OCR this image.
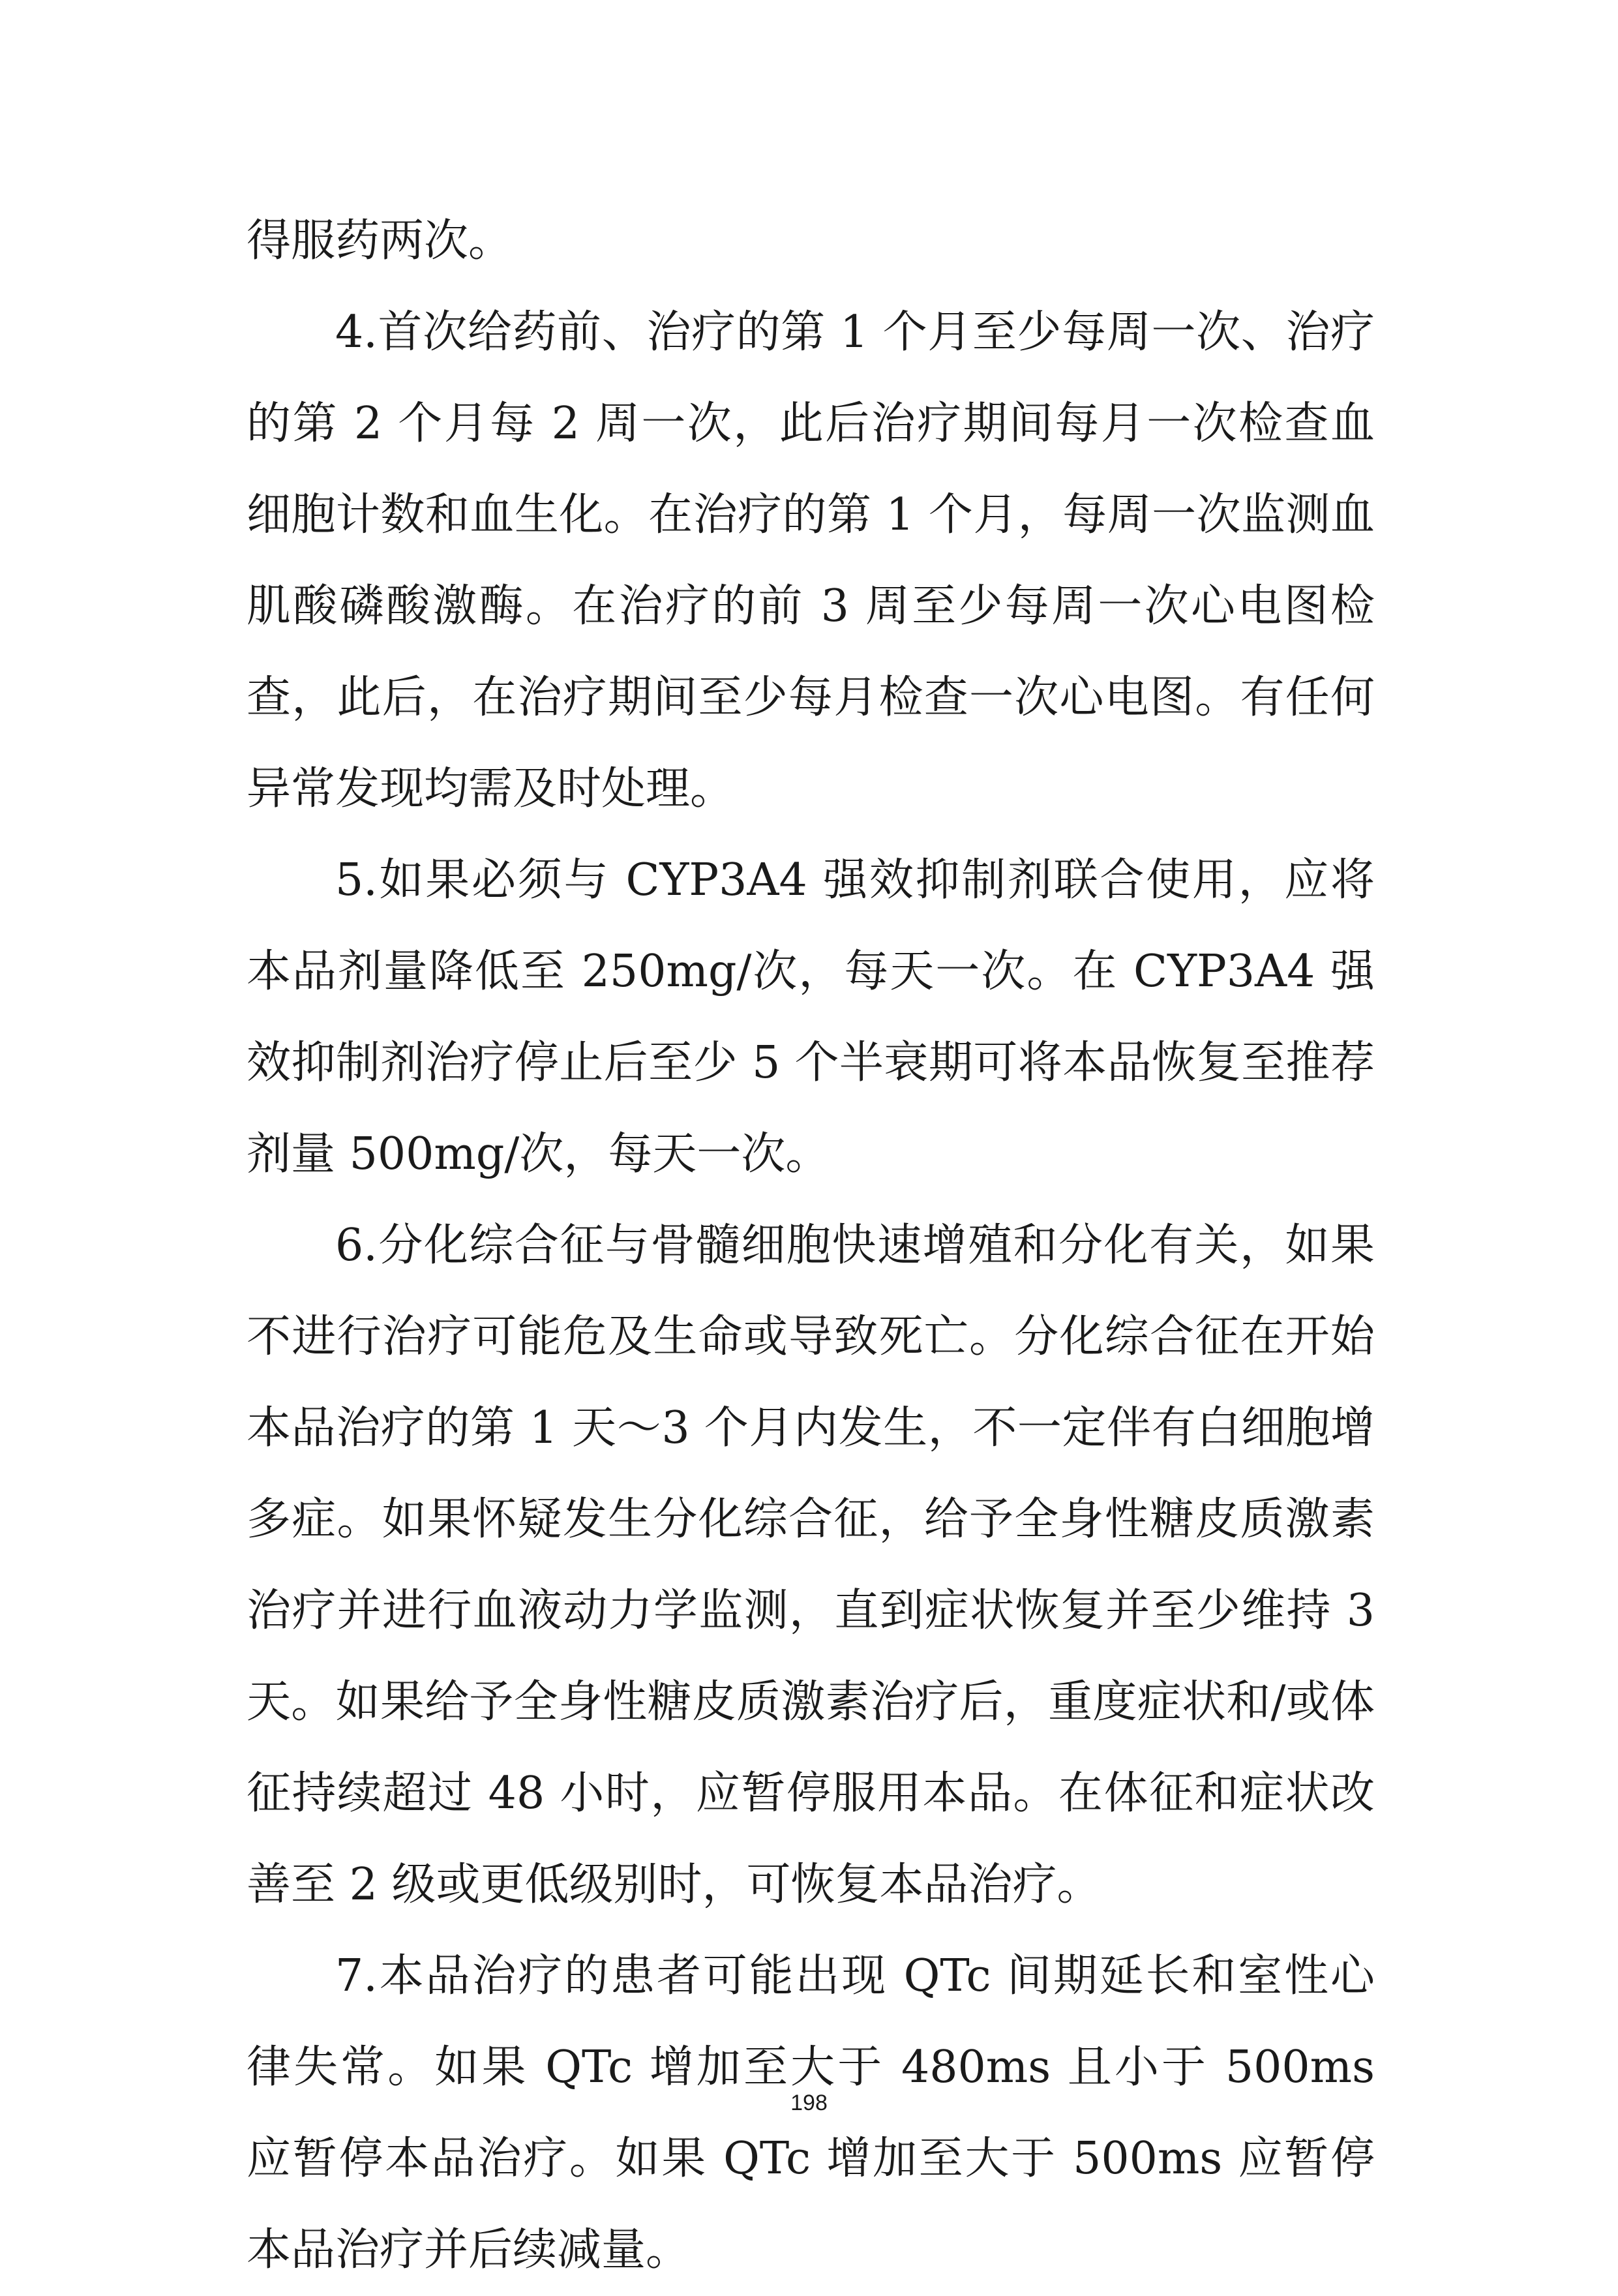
得服药两次。

4.首次给药前、治疗的第 1 个月至少每周一次、治疗的第 2 个月每 2 周一次，此后治疗期间每月一次检查血细胞计数和血生化。在治疗的第 1 个月，每周一次监测血肌酸磷酸激酶。在治疗的前 3 周至少每周一次心电图检查，此后，在治疗期间至少每月检查一次心电图。有任何异常发现均需及时处理。

5.如果必须与 CYP3A4 强效抑制剂联合使用，应将本品剂量降低至 250mg/次，每天一次。在 CYP3A4 强效抑制剂治疗停止后至少 5 个半衰期可将本品恢复至推荐剂量 500mg/次，每天一次。

6.分化综合征与骨髓细胞快速增殖和分化有关，如果不进行治疗可能危及生命或导致死亡。分化综合征在开始本品治疗的第 1 天～3 个月内发生，不一定伴有白细胞增多症。如果怀疑发生分化综合征，给予全身性糖皮质激素治疗并进行血液动力学监测，直到症状恢复并至少维持 3 天。如果给予全身性糖皮质激素治疗后，重度症状和/或体征持续超过 48 小时，应暂停服用本品。在体征和症状改善至 2 级或更低级别时，可恢复本品治疗。

7.本品治疗的患者可能出现 QTc 间期延长和室性心律失常。如果 QTc 增加至大于 480ms 且小于 500ms 应暂停本品治疗。如果 QTc 增加至大于 500ms 应暂停本品治疗并后续减量。

198
